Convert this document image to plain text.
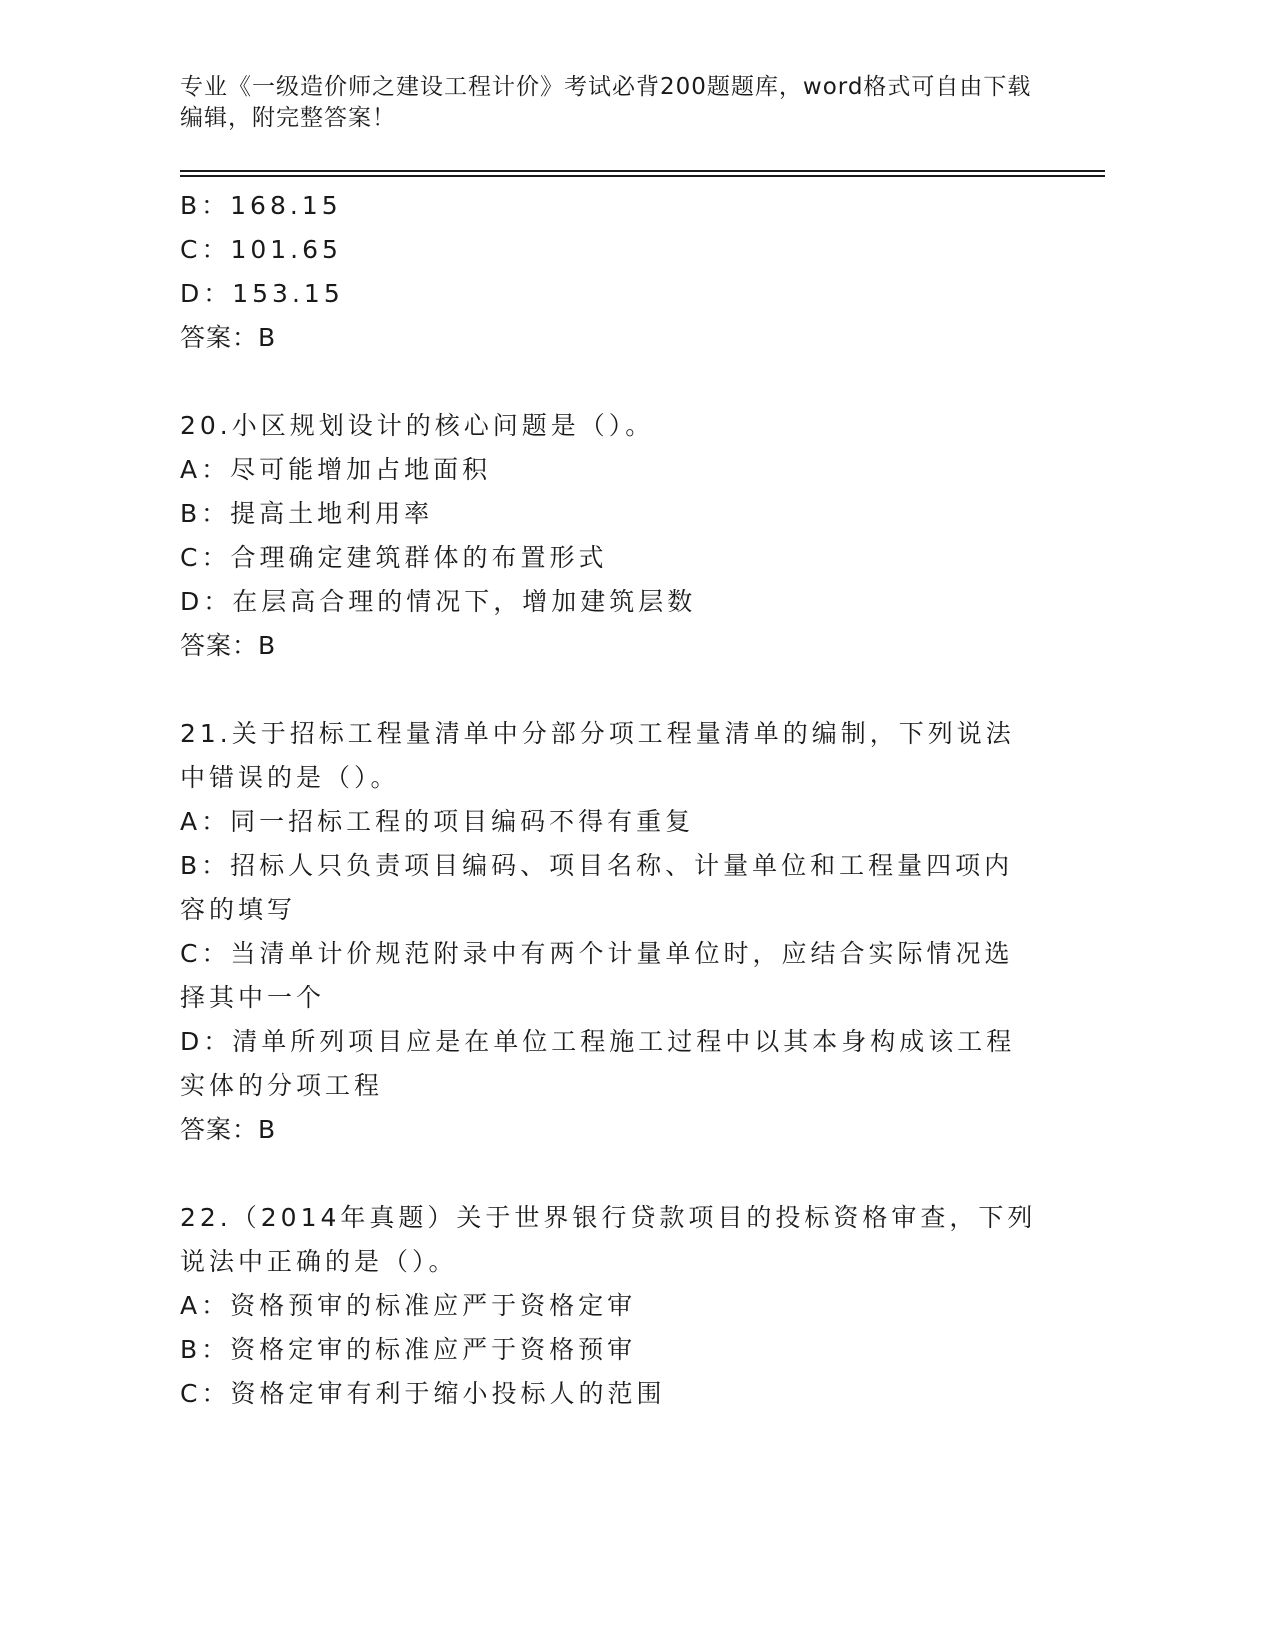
专业《一级造价师之建设工程计价》考试必背200题题库，word格式可自由下载编辑，附完整答案！
B：168.15
C：101.65
D：153.15
答案：B
20.小区规划设计的核心问题是（）。
A：尽可能增加占地面积
B：提高土地利用率
C：合理确定建筑群体的布置形式
D：在层高合理的情况下，增加建筑层数
答案：B
21.关于招标工程量清单中分部分项工程量清单的编制，下列说法中错误的是（）。
A：同一招标工程的项目编码不得有重复
B：招标人只负责项目编码、项目名称、计量单位和工程量四项内容的填写
C：当清单计价规范附录中有两个计量单位时，应结合实际情况选择其中一个
D：清单所列项目应是在单位工程施工过程中以其本身构成该工程实体的分项工程
答案：B
22.（2014年真题）关于世界银行贷款项目的投标资格审查，下列说法中正确的是（）。
A：资格预审的标准应严于资格定审
B：资格定审的标准应严于资格预审
C：资格定审有利于缩小投标人的范围
